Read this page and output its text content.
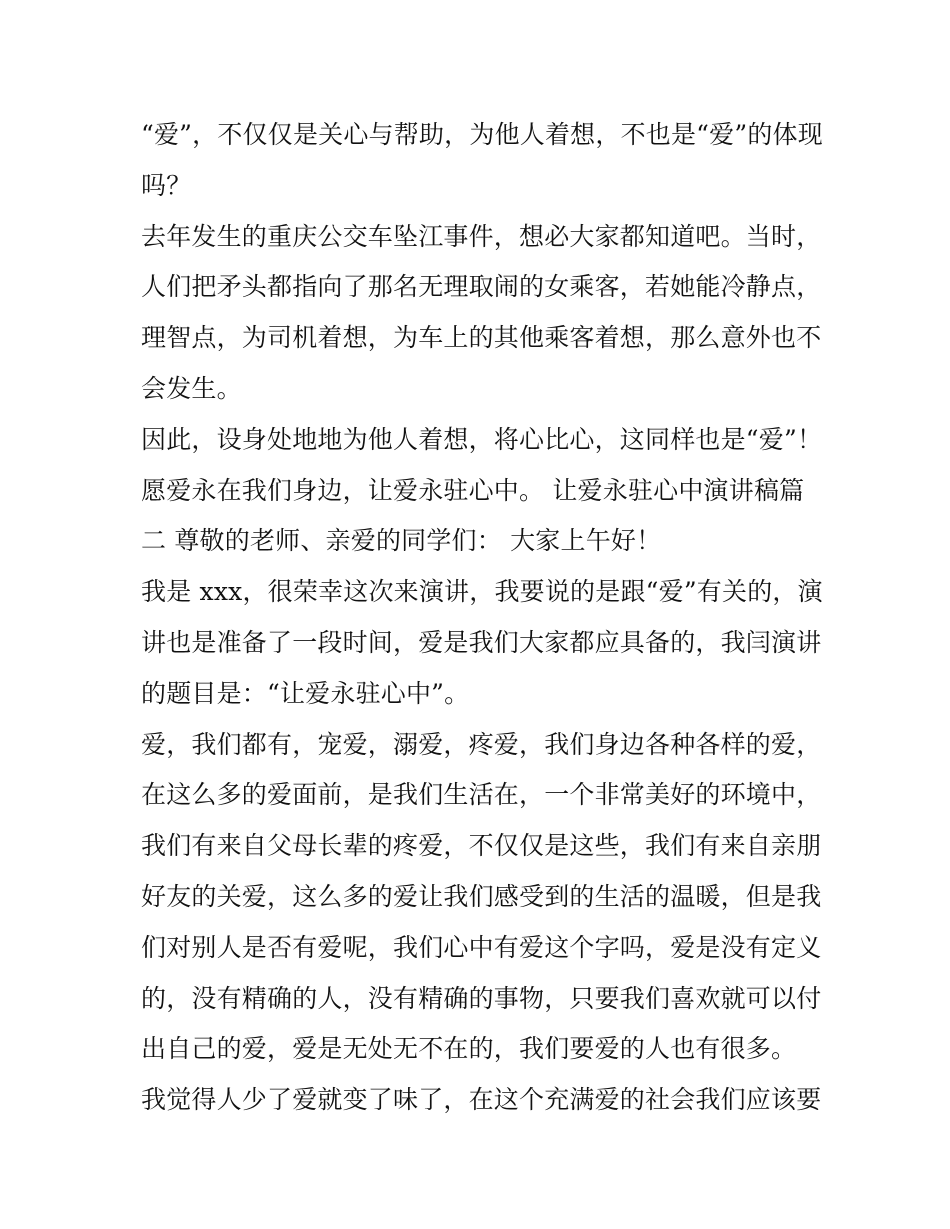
“爱”，不仅仅是关心与帮助，为他人着想，不也是“爱”的体现
吗？
去年发生的重庆公交车坠江事件，想必大家都知道吧。当时，
人们把矛头都指向了那名无理取闹的女乘客，若她能冷静点，
理智点，为司机着想，为车上的其他乘客着想，那么意外也不
会发生。
因此，设身处地地为他人着想，将心比心，这同样也是“爱”！
愿爱永在我们身边，让爱永驻心中。 让爱永驻心中演讲稿篇
二 尊敬的老师、亲爱的同学们： 大家上午好！
我是 xxx，很荣幸这次来演讲，我要说的是跟“爱”有关的，演
讲也是准备了一段时间，爱是我们大家都应具备的，我闫演讲
的题目是：“让爱永驻心中”。
爱，我们都有，宠爱，溺爱，疼爱，我们身边各种各样的爱，
在这么多的爱面前，是我们生活在，一个非常美好的环境中，
我们有来自父母长辈的疼爱，不仅仅是这些，我们有来自亲朋
好友的关爱，这么多的爱让我们感受到的生活的温暖，但是我
们对别人是否有爱呢，我们心中有爱这个字吗，爱是没有定义
的，没有精确的人，没有精确的事物，只要我们喜欢就可以付
出自己的爱，爱是无处无不在的，我们要爱的人也有很多。
我觉得人少了爱就变了味了，在这个充满爱的社会我们应该要
